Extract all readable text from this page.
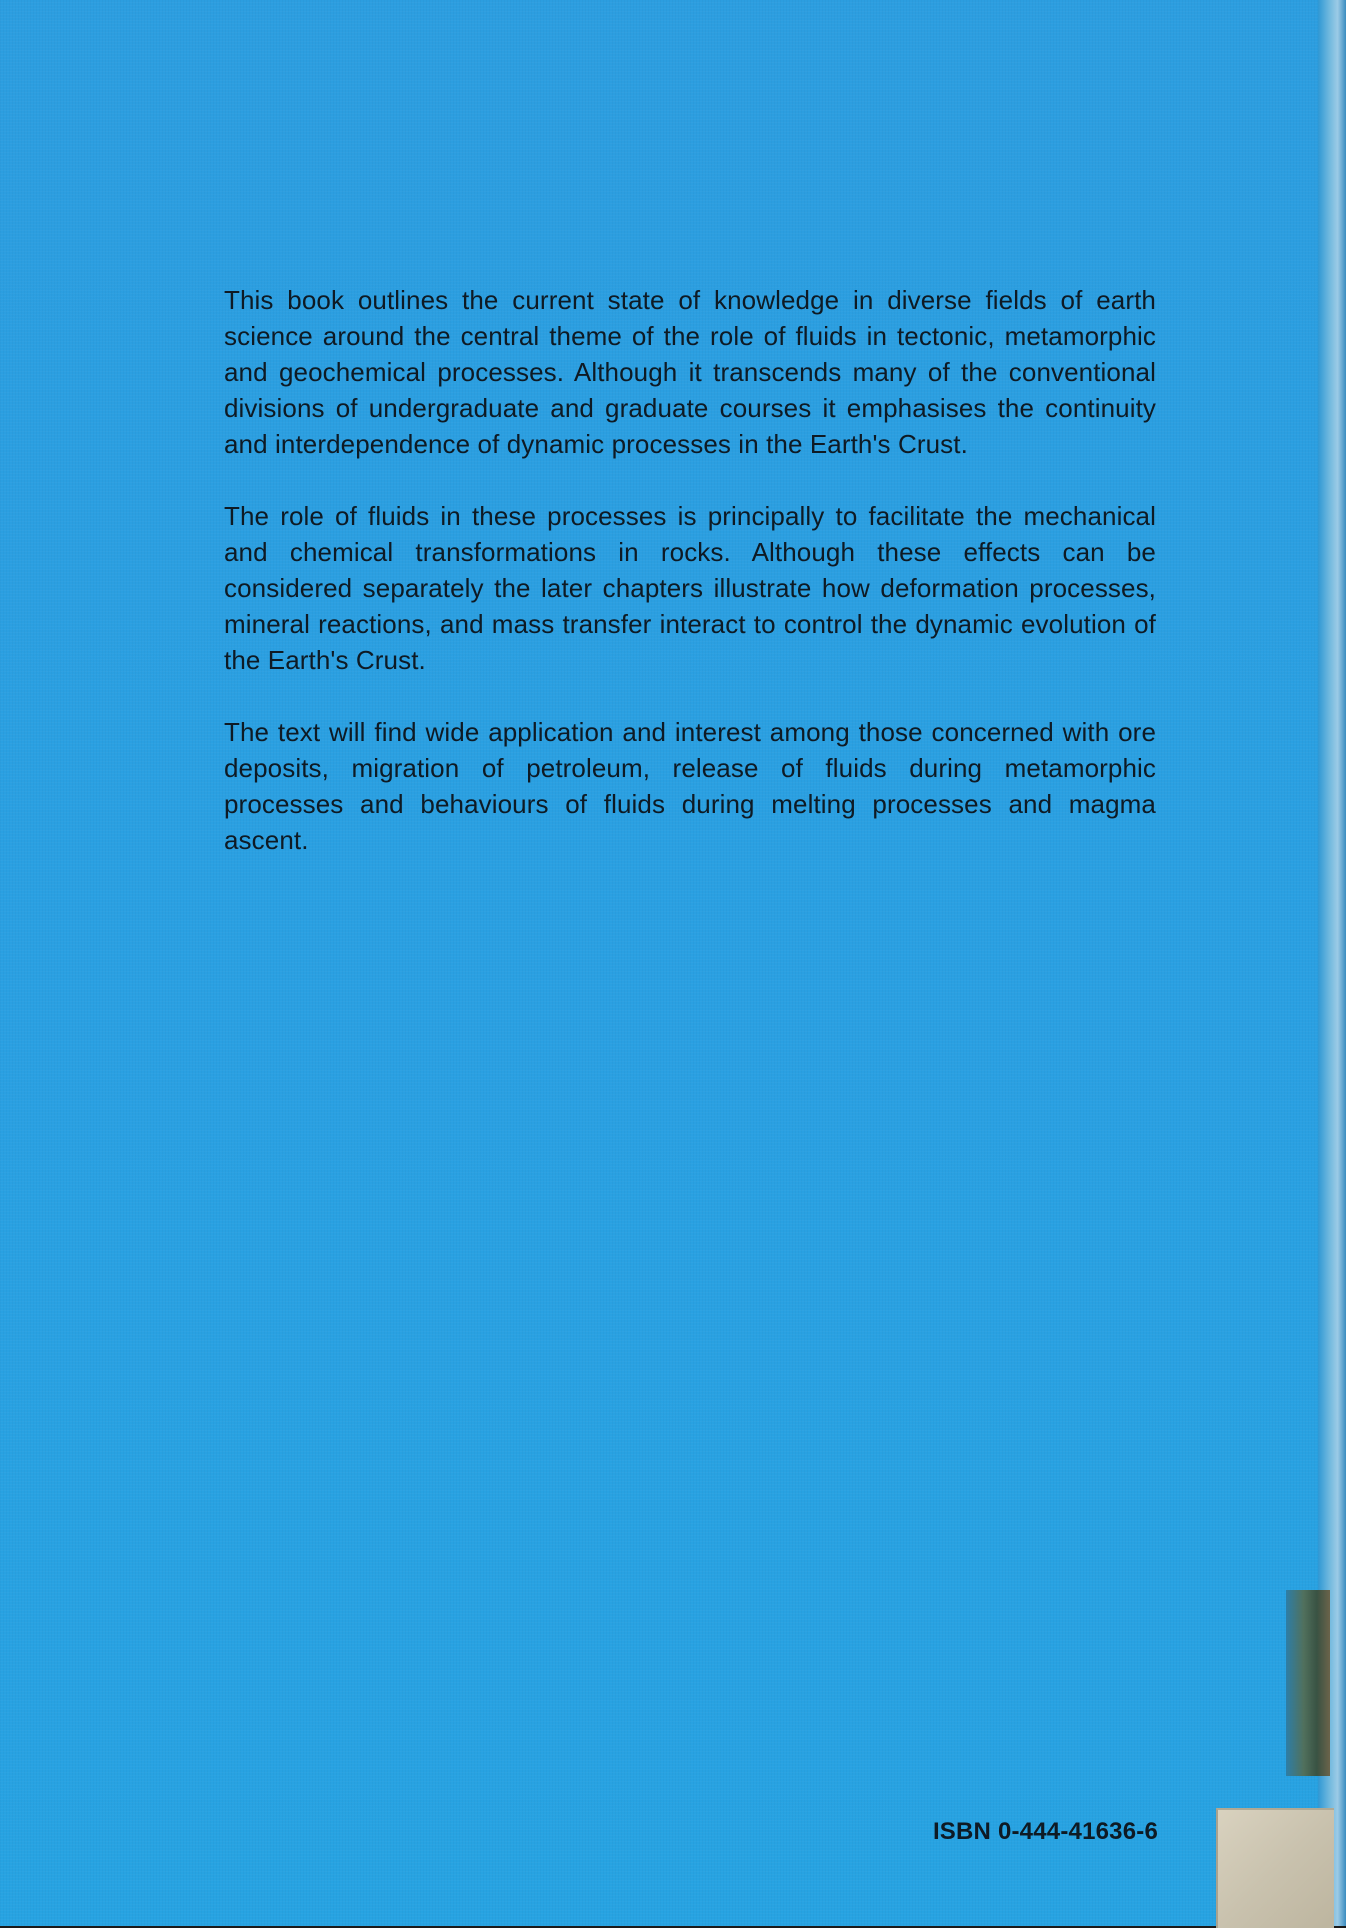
This book outlines the current state of knowledge in diverse fields of earth science around the central theme of the role of fluids in tectonic, metamorphic and geochemical processes. Although it transcends many of the conventional divisions of undergraduate and graduate courses it emphasises the continuity and interdependence of dynamic processes in the Earth's Crust.

The role of fluids in these processes is principally to facilitate the mechanical and chemical transformations in rocks. Although these effects can be considered separately the later chapters illustrate how deformation processes, mineral reactions, and mass transfer interact to control the dynamic evolution of the Earth's Crust.

The text will find wide application and interest among those concerned with ore deposits, migration of petroleum, release of fluids during metamorphic processes and behaviours of fluids during melting processes and magma ascent.

ISBN 0-444-41636-6
